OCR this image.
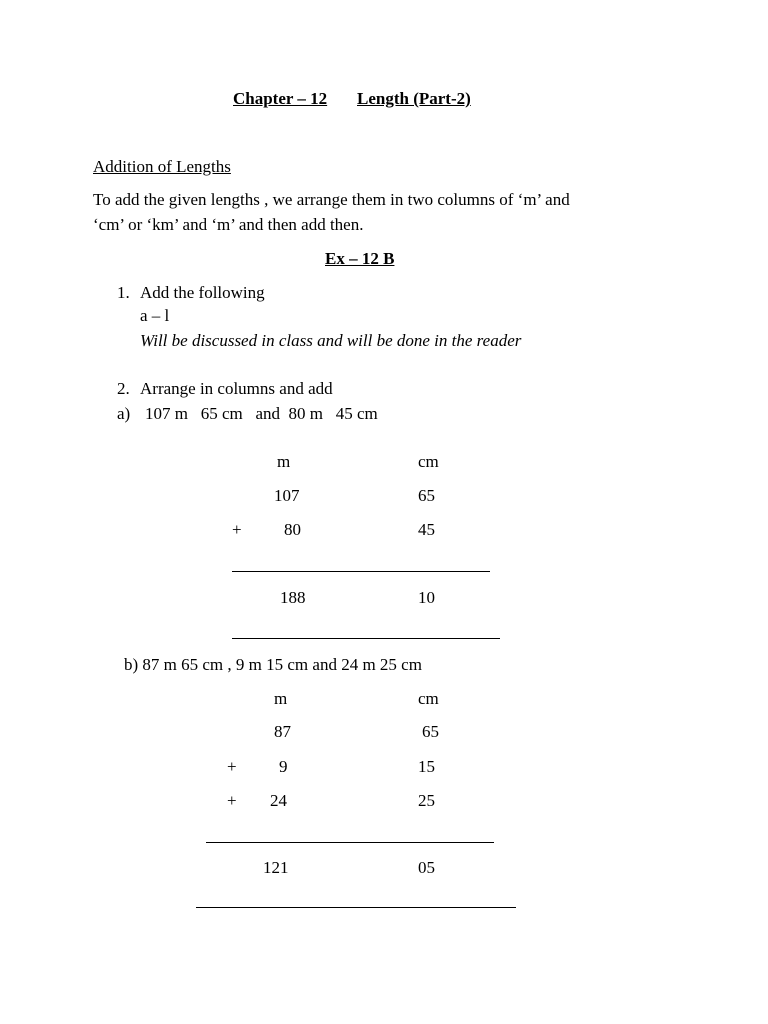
Chapter – 12 Length (Part-2)
Addition of Lengths
To add the given lengths , we arrange them in two columns of ‘m’ and
‘cm’ or ‘km’ and ‘m’ and then add then.
Ex – 12 B
1. Add the following
a – l
Will be discussed in class and will be done in the reader
2. Arrange in columns and add
a) 107 m   65 cm   and  80 m   45 cm
m	cm
107	65
+ 80	45
188	10
b) 87 m 65 cm , 9 m 15 cm and 24 m 25 cm
m	cm
87	65
+ 9	15
+ 24	25
121	05
